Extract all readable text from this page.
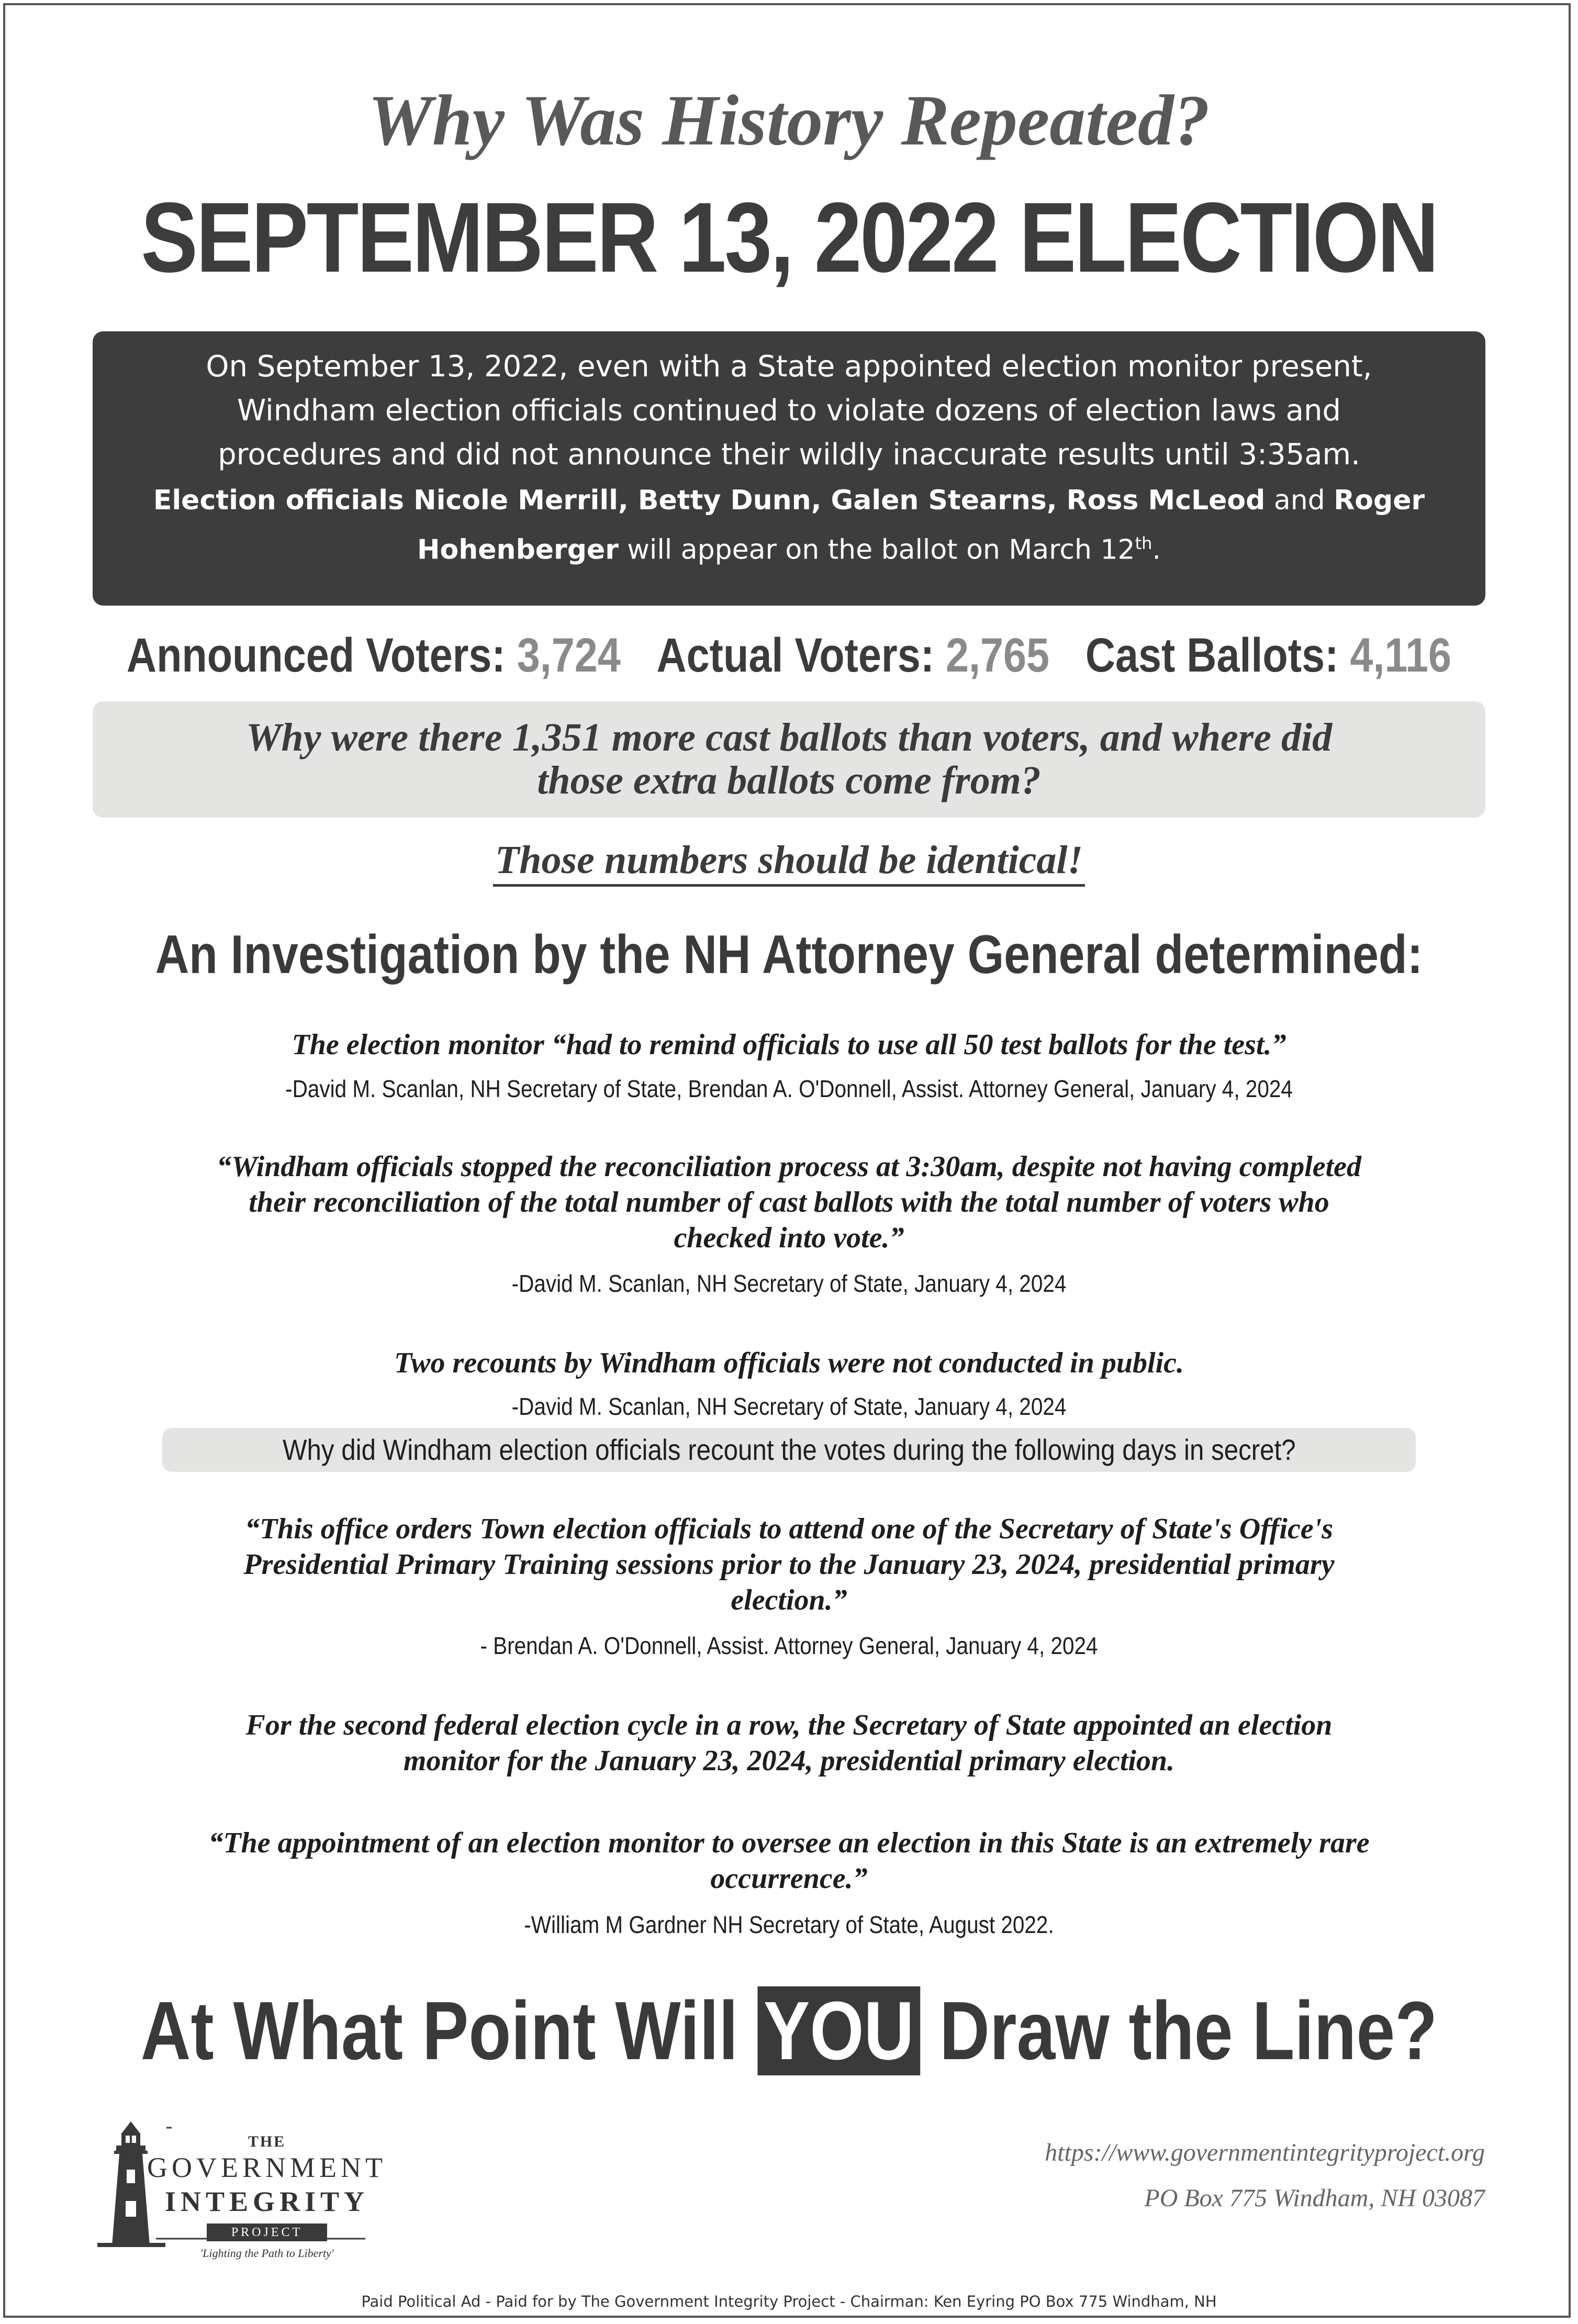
Why Was History Repeated?
SEPTEMBER 13, 2022 ELECTION

On September 13, 2022, even with a State appointed election monitor present,
Windham election officials continued to violate dozens of election laws and
procedures and did not announce their wildly inaccurate results until 3:35am.

Election officials Nicole Merrill, Betty Dunn, Galen Stearns, Ross McLeod and Roger
Hohenberger will appear on the ballot on March 12th.

Announced Voters: 3,724 Actual Voters: 2,765 Cast Ballots: 4,116
Why were there 1,351 more cast ballots than voters, and where did
those extra ballots come from?
Those numbers should be identical!
An Investigation by the NH Attorney General determined:
The election monitor “had to remind officials to use all 50 test ballots for the test.”
-David M. Scanlan, NH Secretary of State, Brendan A. O'Donnell, Assist. Attorney General, January 4, 2024
“Windham officials stopped the reconciliation process at 3:30am, despite not having completed
their reconciliation of the total number of cast ballots with the total number of voters who
checked into vote.”
-David M. Scanlan, NH Secretary of State, January 4, 2024
Two recounts by Windham officials were not conducted in public.
-David M. Scanlan, NH Secretary of State, January 4, 2024
Why did Windham election officials recount the votes during the following days in secret?
“This office orders Town election officials to attend one of the Secretary of State's Office's
Presidential Primary Training sessions prior to the January 23, 2024, presidential primary
election.”
- Brendan A. O'Donnell, Assist. Attorney General, January 4, 2024
For the second federal election cycle in a row, the Secretary of State appointed an election
monitor for the January 23, 2024, presidential primary election.
“The appointment of an election monitor to oversee an election in this State is an extremely rare
occurrence.”
-William M Gardner NH Secretary of State, August 2022.
At What Point Will YOU Draw the Line?
THE
GOVERNMENT
INTEGRITY
PROJECT
'Lighting the Path to Liberty'
https://www.governmentintegrityproject.org
PO Box 775 Windham, NH 03087
Paid Political Ad - Paid for by The Government Integrity Project - Chairman: Ken Eyring PO Box 775 Windham, NH
